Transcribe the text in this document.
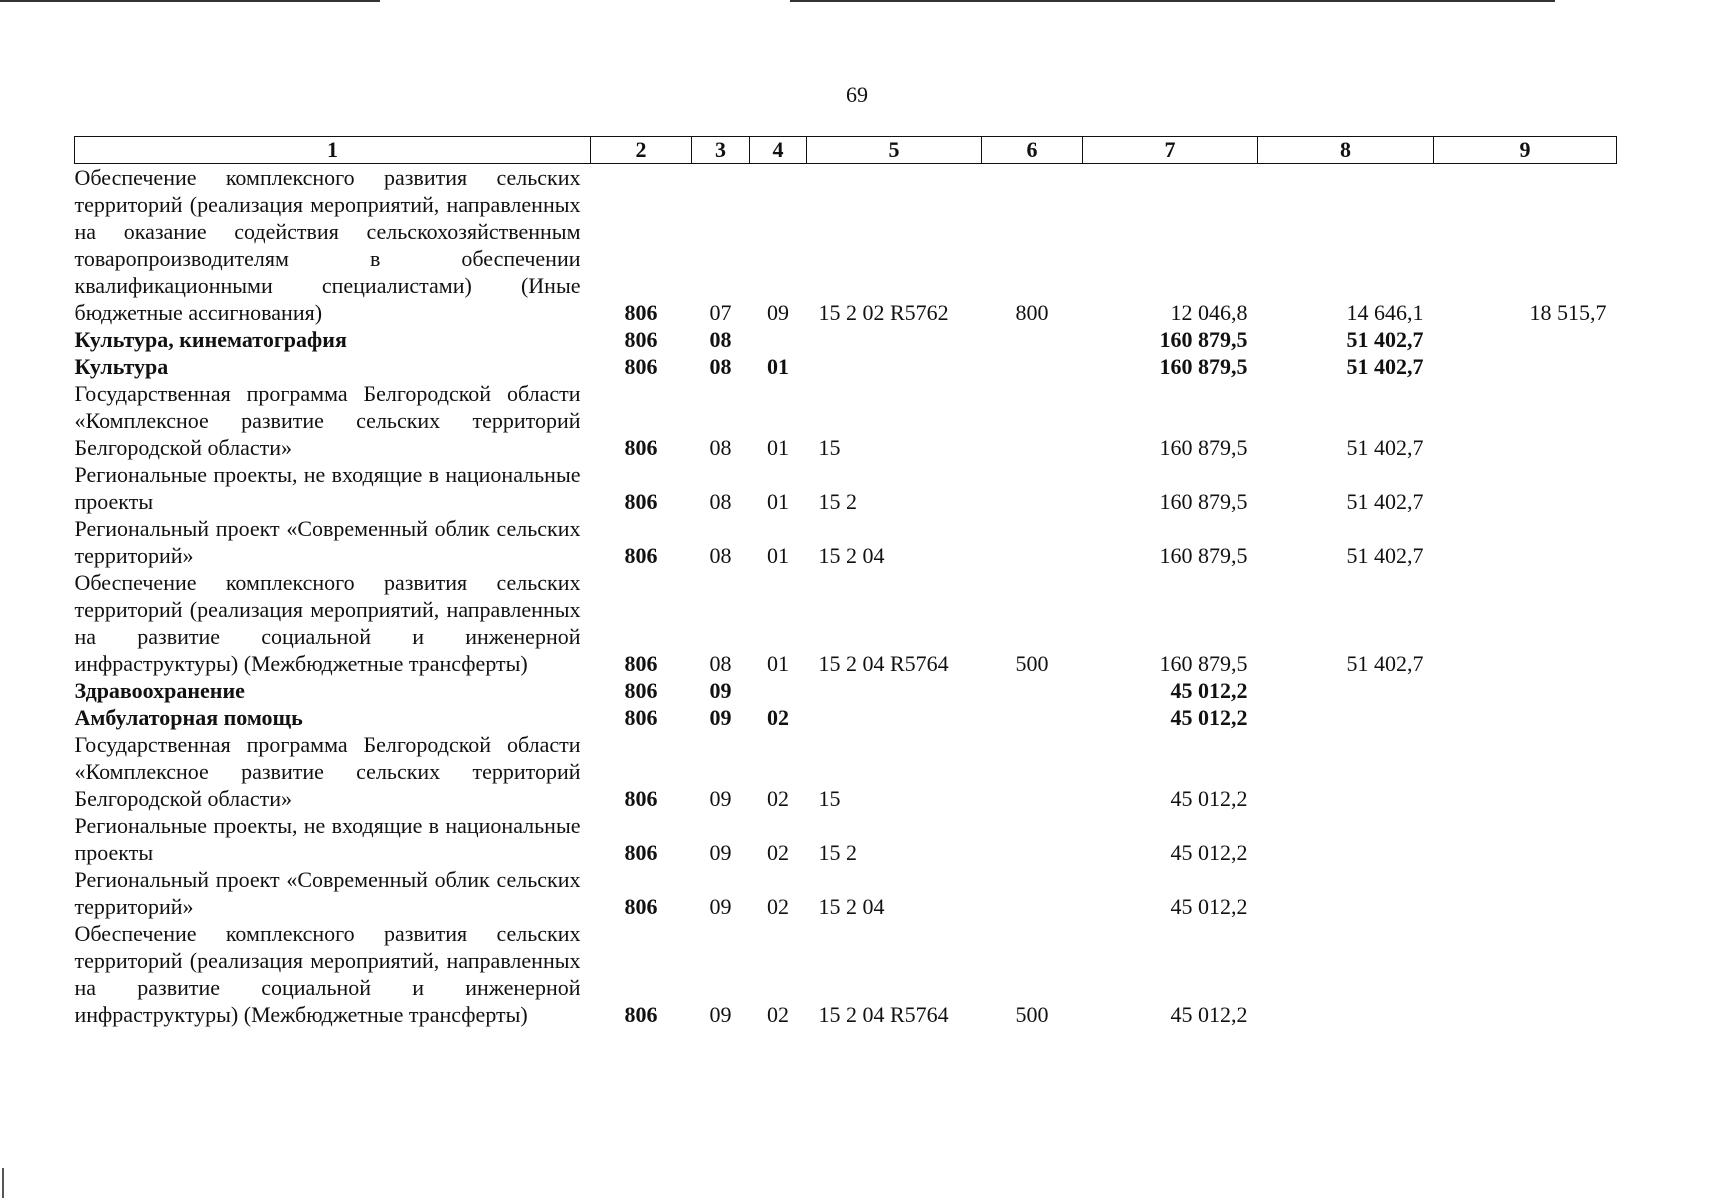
69
1	2	3	4	5	6	7	8	9
Обеспечение комплексного развития сельских территорий (реализация мероприятий, направленных на оказание содействия сельскохозяйственным товаропроизводителям в обеспечении квалификационными специалистами) (Иные бюджетные ассигнования)	806	07	09	15 2 02 R5762	800	12 046,8	14 646,1	18 515,7
Культура, кинематография	806	08				160 879,5	51 402,7	
Культура	806	08	01			160 879,5	51 402,7	
Государственная программа Белгородской области «Комплексное развитие сельских территорий Белгородской области»	806	08	01	15		160 879,5	51 402,7	
Региональные проекты, не входящие в национальные проекты	806	08	01	15 2		160 879,5	51 402,7	
Региональный проект «Современный облик сельских территорий»	806	08	01	15 2 04		160 879,5	51 402,7	
Обеспечение комплексного развития сельских территорий (реализация мероприятий, направленных на развитие социальной и инженерной инфраструктуры) (Межбюджетные трансферты)	806	08	01	15 2 04 R5764	500	160 879,5	51 402,7	
Здравоохранение	806	09				45 012,2		
Амбулаторная помощь	806	09	02			45 012,2		
Государственная программа Белгородской области «Комплексное развитие сельских территорий Белгородской области»	806	09	02	15		45 012,2		
Региональные проекты, не входящие в национальные проекты	806	09	02	15 2		45 012,2		
Региональный проект «Современный облик сельских территорий»	806	09	02	15 2 04		45 012,2		
Обеспечение комплексного развития сельских территорий (реализация мероприятий, направленных на развитие социальной и инженерной инфраструктуры) (Межбюджетные трансферты)	806	09	02	15 2 04 R5764	500	45 012,2		
